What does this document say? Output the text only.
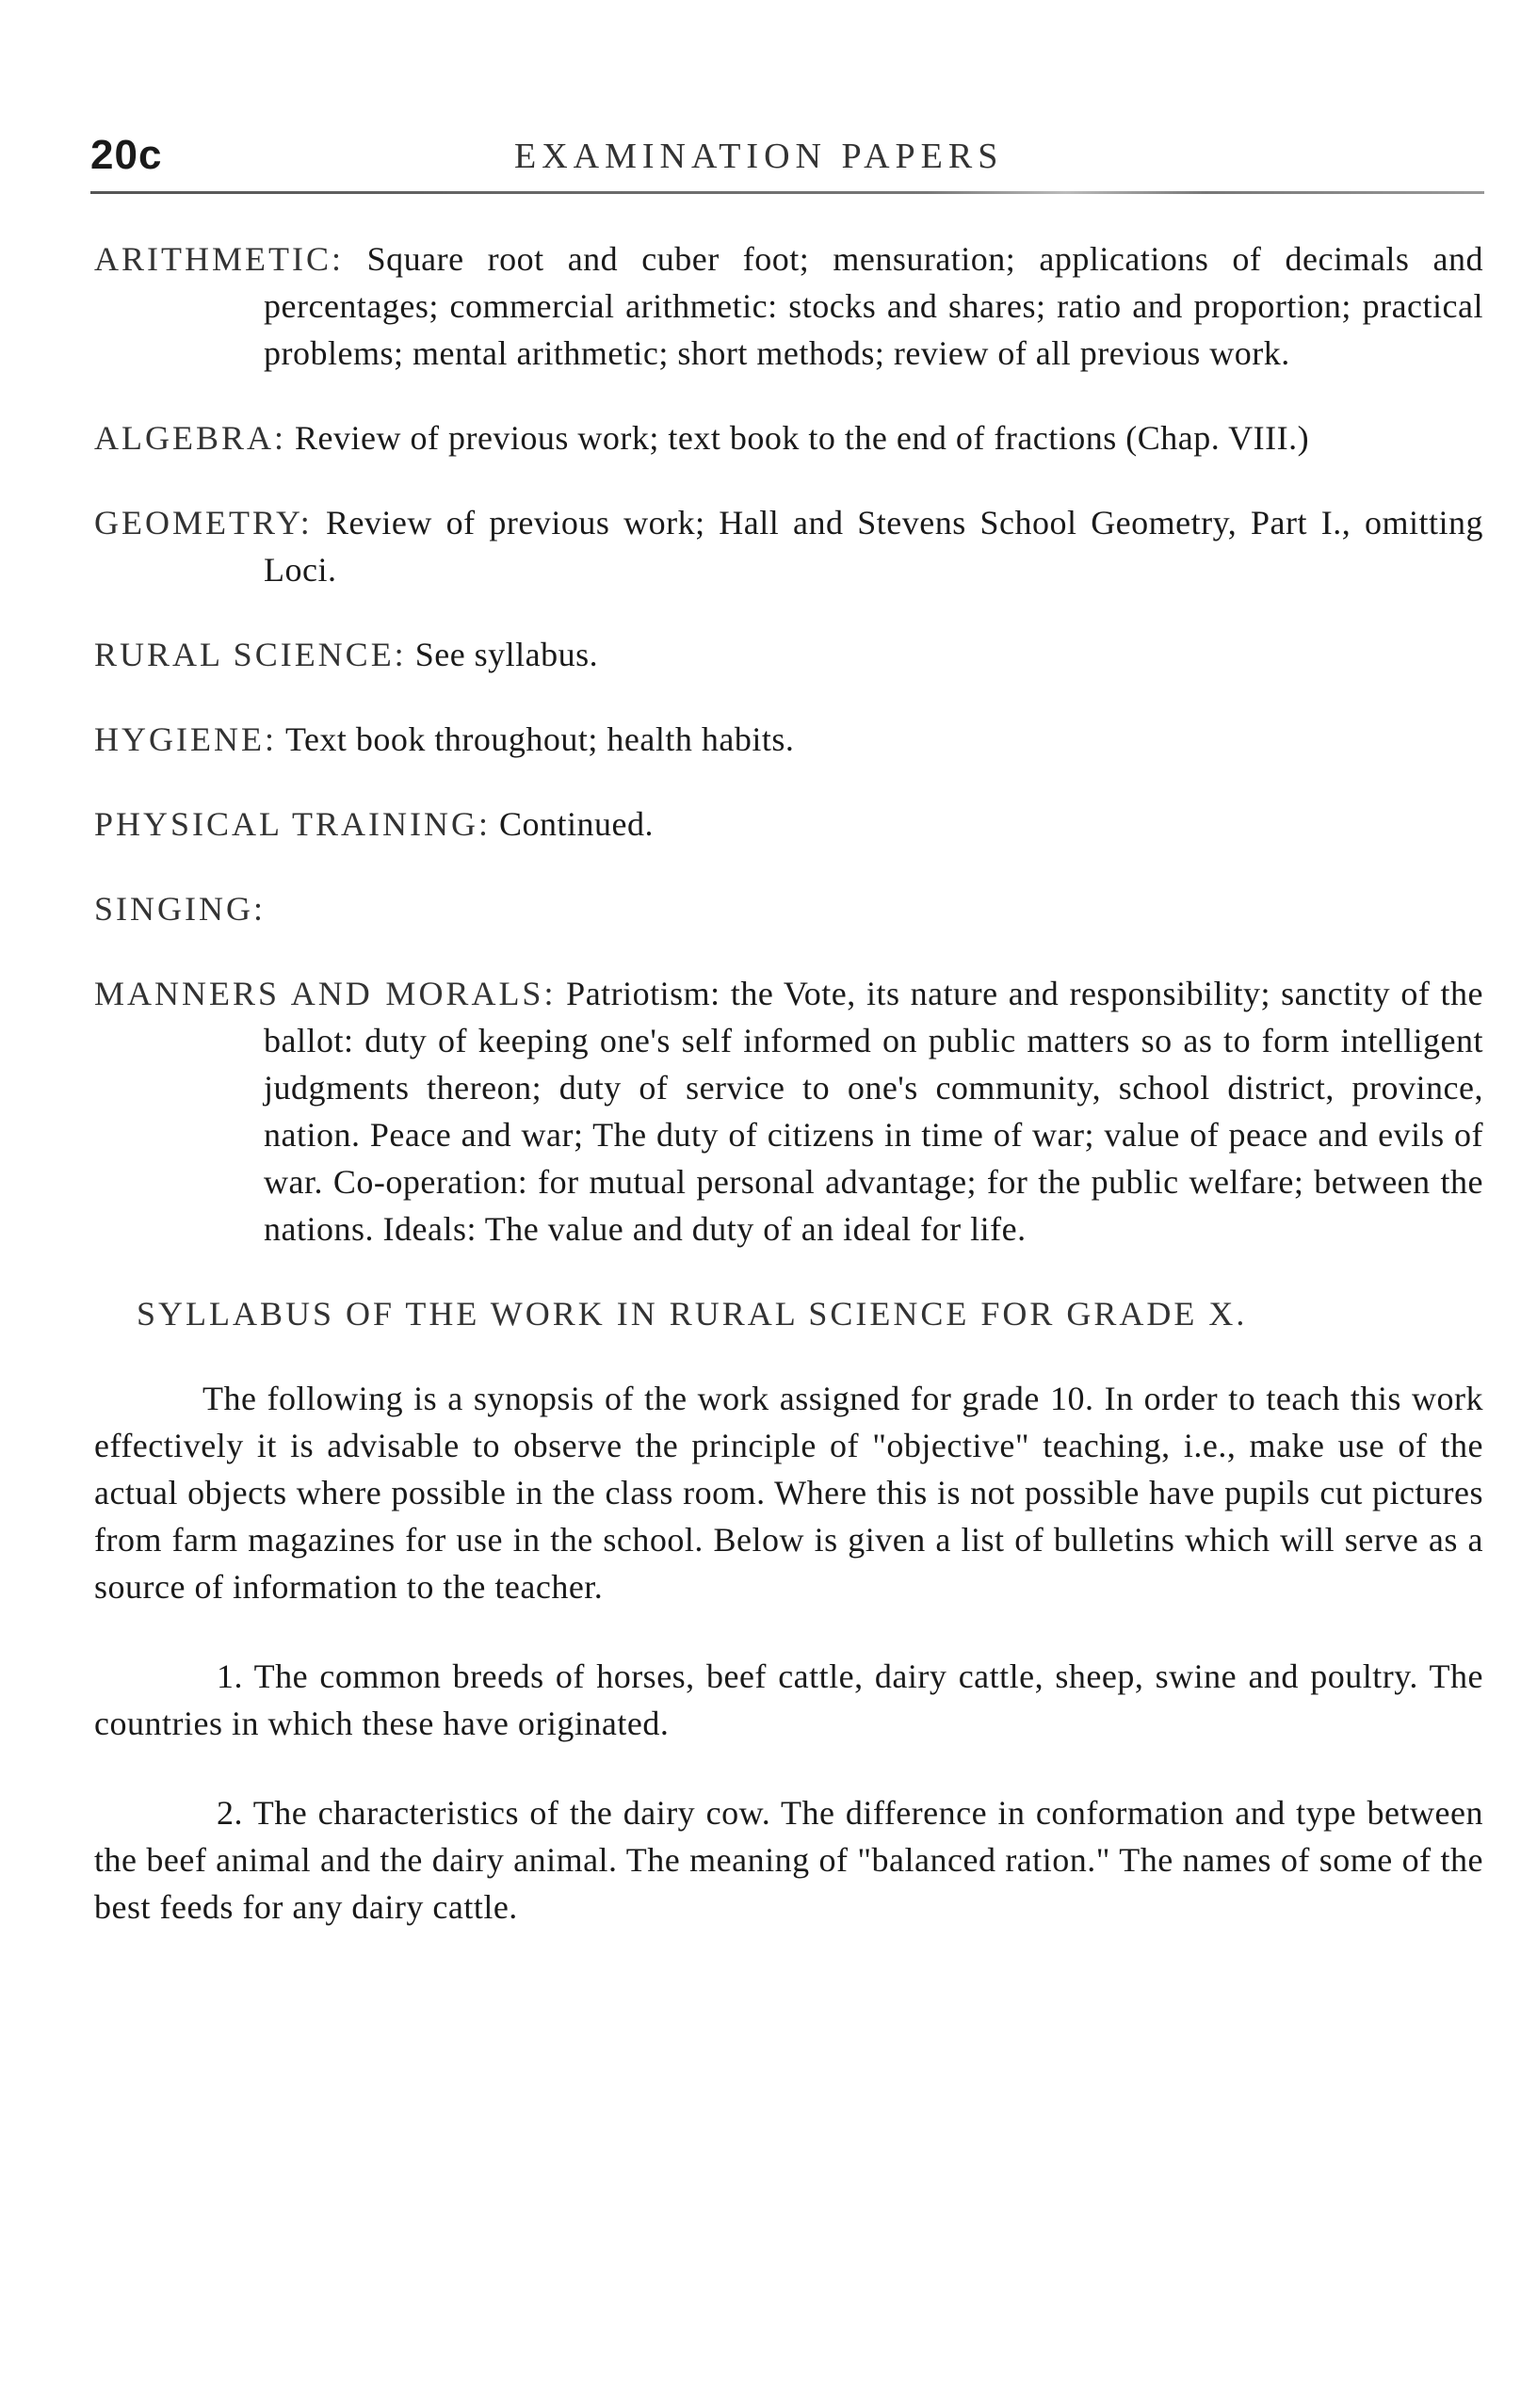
20c	EXAMINATION PAPERS

ARITHMETIC: Square root and cuber foot; mensuration; applications of decimals and percentages; commercial arithmetic: stocks and shares; ratio and proportion; practical problems; mental arithmetic; short methods; review of all previous work.

ALGEBRA: Review of previous work; text book to the end of fractions (Chap. VIII.)

GEOMETRY: Review of previous work; Hall and Stevens School Geometry, Part I., omitting Loci.

RURAL SCIENCE: See syllabus.

HYGIENE: Text book throughout; health habits.

PHYSICAL TRAINING: Continued.

SINGING:

MANNERS AND MORALS: Patriotism: the Vote, its nature and responsibility; sanctity of the ballot: duty of keeping one's self informed on public matters so as to form intelligent judgments thereon; duty of service to one's community, school district, province, nation. Peace and war; The duty of citizens in time of war; value of peace and evils of war. Co-operation: for mutual personal advantage; for the public welfare; between the nations. Ideals: The value and duty of an ideal for life.

SYLLABUS OF THE WORK IN RURAL SCIENCE FOR GRADE X.

The following is a synopsis of the work assigned for grade 10. In order to teach this work effectively it is advisable to observe the principle of "objective" teaching, i.e., make use of the actual objects where possible in the class room. Where this is not possible have pupils cut pictures from farm magazines for use in the school. Below is given a list of bulletins which will serve as a source of information to the teacher.

1. The common breeds of horses, beef cattle, dairy cattle, sheep, swine and poultry. The countries in which these have originated.

2. The characteristics of the dairy cow. The difference in conformation and type between the beef animal and the dairy animal. The meaning of "balanced ration." The names of some of the best feeds for any dairy cattle.
